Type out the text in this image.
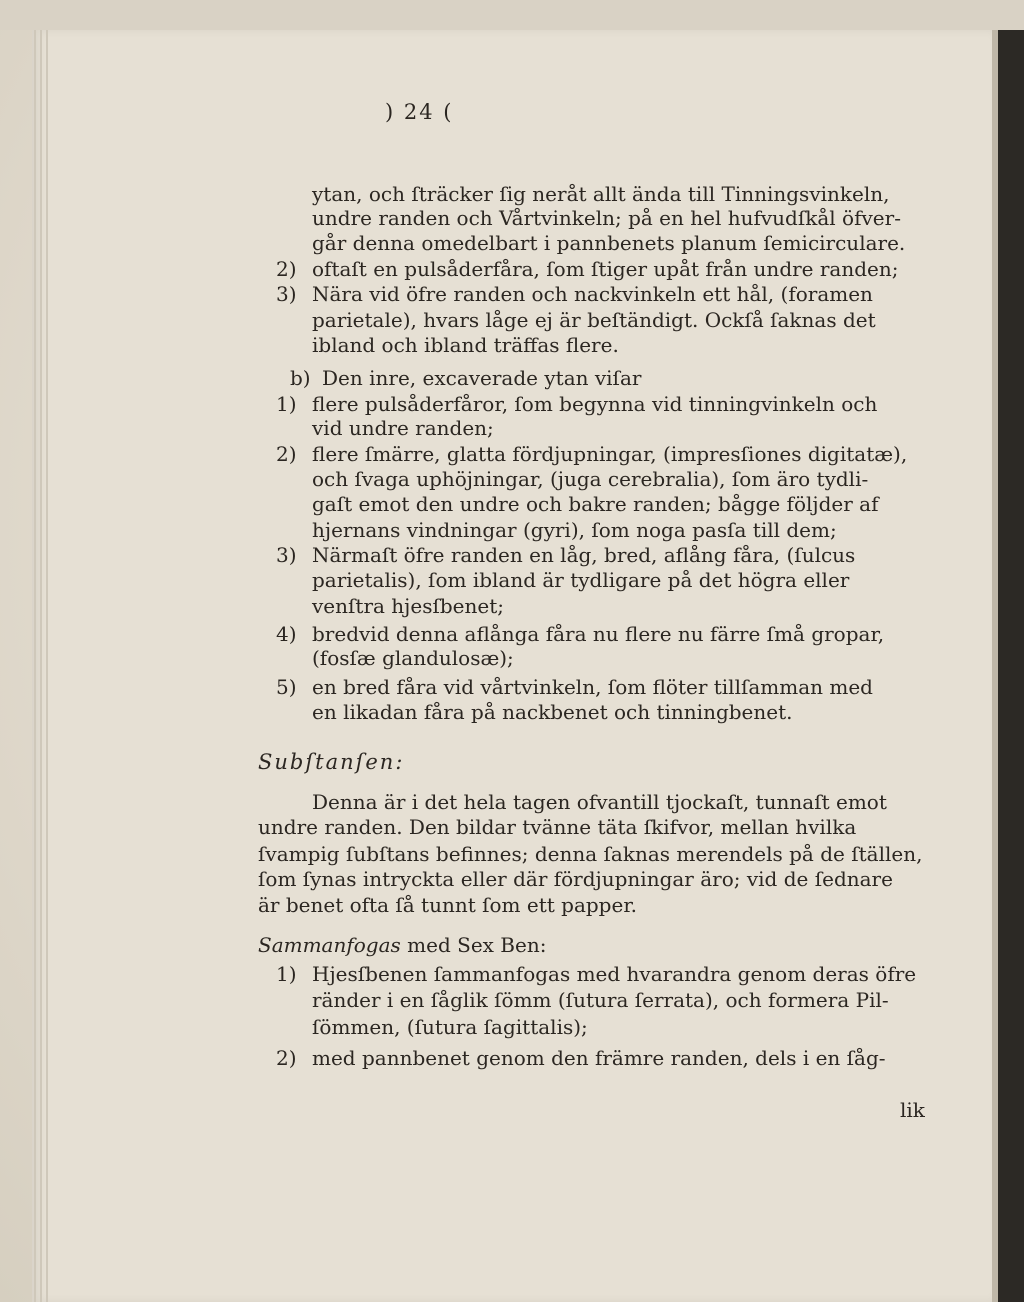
) 24 (
ytan, och ſträcker ſig neråt allt ända till Tinningsvinkeln,
undre randen och Vårtvinkeln; på en hel hufvudſkål öfver-
går denna omedelbart i pannbenets planum ſemicirculare.
2) oftaſt en pulsåderfåra, ſom ſtiger upåt från undre randen;
3) Nära vid öfre randen och nackvinkeln ett hål, (foramen
parietale), hvars låge ej är beſtändigt. Ockſå ſaknas det
ibland och ibland träffas flere.
b) Den inre, excaverade ytan viſar
1) flere pulsåderfåror, ſom begynna vid tinningvinkeln och
vid undre randen;
2) flere ſmärre, glatta fördjupningar, (impresſiones digitatæ),
och ſvaga uphöjningar, (juga cerebralia), ſom äro tydli-
gaſt emot den undre och bakre randen; bågge följder af
hjernans vindningar (gyri), ſom noga pasſa till dem;
3) Närmaſt öfre randen en låg, bred, aflång fåra, (ſulcus
parietalis), ſom ibland är tydligare på det högra eller
venſtra hjesſbenet;
4) bredvid denna aflånga fåra nu flere nu färre ſmå gropar,
(fosſæ glandulosæ);
5) en bred fåra vid vårtvinkeln, ſom flöter tillſamman med
en likadan fåra på nackbenet och tinningbenet.
Subſtanſen:
Denna är i det hela tagen ofvantill tjockaſt, tunnaſt emot
undre randen. Den bildar tvänne täta ſkifvor, mellan hvilka
ſvampig ſubſtans befinnes; denna ſaknas merendels på de ſtällen,
ſom ſynas intryckta eller där fördjupningar äro; vid de ſednare
är benet ofta ſå tunnt ſom ett papper.
Sammanfogas med Sex Ben:
1) Hjesſbenen ſammanfogas med hvarandra genom deras öfre
ränder i en ſåglik ſömm (ſutura ſerrata), och formera Pil-
ſömmen, (ſutura ſagittalis);
2) med pannbenet genom den främre randen, dels i en ſåg-
lik
